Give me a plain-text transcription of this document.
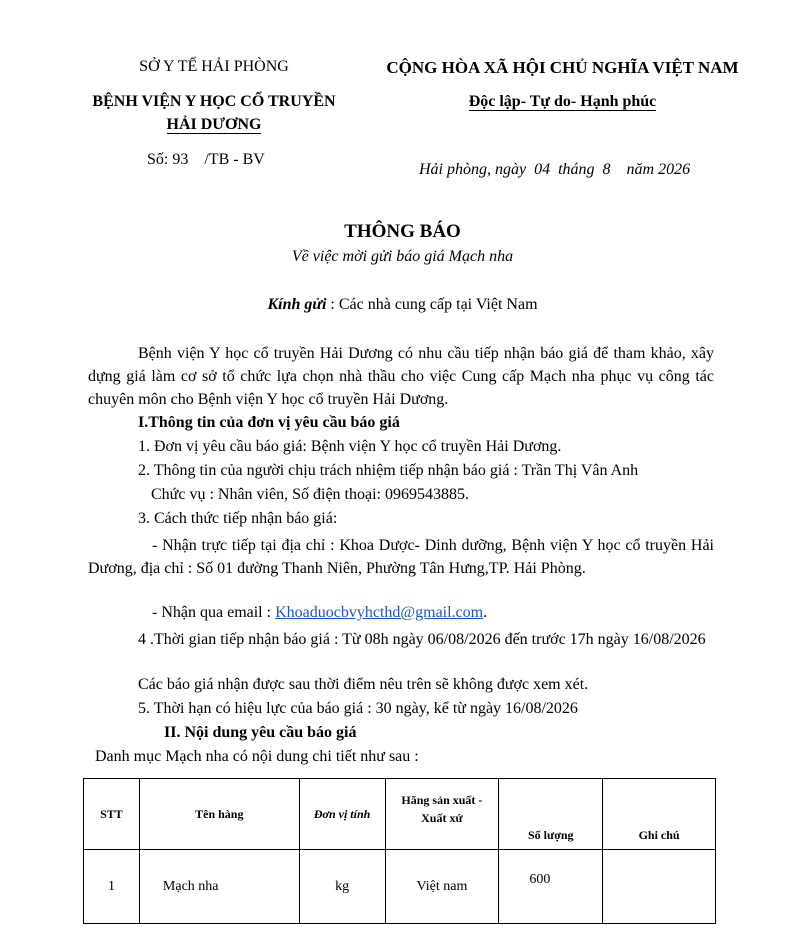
SỞ Y TẾ HẢI PHÒNG
BỆNH VIỆN Y HỌC CỔ TRUYỀN
HẢI DƯƠNG
Số: 93    /TB - BV
CỘNG HÒA XÃ HỘI CHỦ NGHĨA VIỆT NAM
Độc lập- Tự do- Hạnh phúc
Hải phòng, ngày  04  tháng  8    năm 2026
THÔNG BÁO
Về việc mời gửi báo giá Mạch nha
Kính gửi : Các nhà cung cấp tại Việt Nam
Bệnh viện Y học cổ truyền Hải Dương có nhu cầu tiếp nhận báo giá để tham khảo, xây dựng giá làm cơ sở tổ chức lựa chọn nhà thầu cho việc Cung cấp Mạch nha phục vụ công tác chuyên môn cho Bệnh viện Y học cổ truyền Hải Dương.
I.Thông tin của đơn vị yêu cầu báo giá
1. Đơn vị yêu cầu báo giá: Bệnh viện Y học cổ truyền Hải Dương.
2. Thông tin của người chịu trách nhiệm tiếp nhận báo giá : Trần Thị Vân Anh
Chức vụ : Nhân viên, Số điện thoại: 0969543885.
3. Cách thức tiếp nhận báo giá:
- Nhận trực tiếp tại địa chỉ : Khoa Dược- Dinh dưỡng, Bệnh viện Y học cổ truyền Hải Dương, địa chỉ : Số 01 đường Thanh Niên, Phường Tân Hưng,TP. Hải Phòng.
- Nhận qua email : Khoaduocbvyhcthd@gmail.com.
4 .Thời gian tiếp nhận báo giá : Từ 08h ngày 06/08/2026 đến trước 17h ngày 16/08/2026
Các báo giá nhận được sau thời điểm nêu trên sẽ không được xem xét.
5. Thời hạn có hiệu lực của báo giá : 30 ngày, kể từ ngày 16/08/2026
II. Nội dung yêu cầu báo giá
Danh mục Mạch nha có nội dung chi tiết như sau :
STT	Tên hàng	Đơn vị tính	Hãng sản xuất -
Xuất xứ	Số lượng	Ghi chú
1	Mạch nha	kg	Việt nam	600	
